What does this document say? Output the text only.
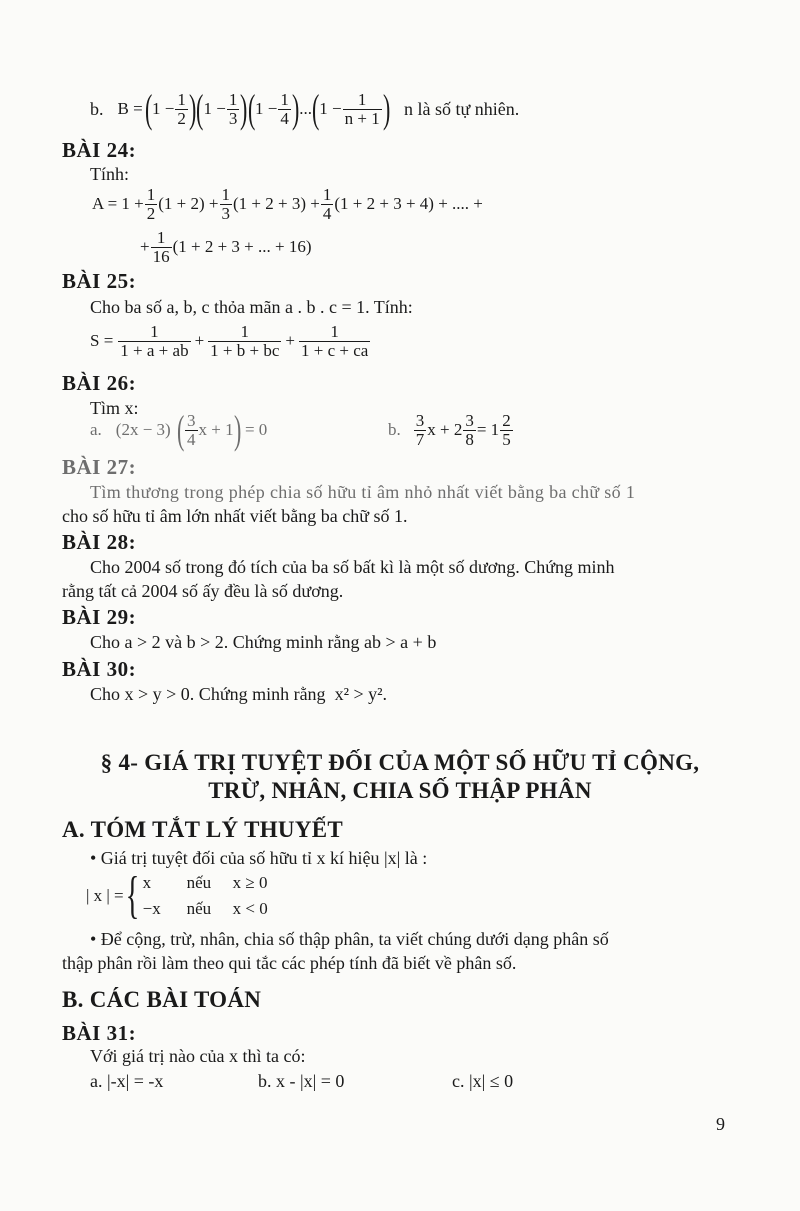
b. B = ( $1 - \frac{1}{2}$ ) ( $1 - \frac{1}{3}$ ) ( $1 - \frac{1}{4}$ ) ... ( $1 - \frac{1}{n + 1}$ ) n là số tự nhiên.
BÀI 24:
Tính:
$A = 1 + \frac{1}{2} (1 + 2) + \frac{1}{3} (1 + 2 + 3) + \frac{1}{4} (1 + 2 + 3 + 4)$ + .... +
+ $\frac{1}{16} (1 + 2 + 3$ + ... + 16)
BÀI 25:
Cho ba số a, b, c thỏa mãn a . b . c = 1. Tính:
$S = \frac{1}{1 + a + ab} + \frac{1}{1 + b + bc} + \frac{1}{1 + c + ca}$
BÀI 26:
Tìm x:
a. (2x − 3) ( 3
4 x + 1 ) = 0	b. 3
7 $x + 2 \frac{3}{8} = 1$ 2
5
BÀI 27:
Tìm thương trong phép chia số hữu tỉ âm nhỏ nhất viết bằng ba chữ số 1
cho số hữu tỉ âm lớn nhất viết bằng ba chữ số 1.
BÀI 28:
Cho 2004 số trong đó tích của ba số bất kì là một số dương. Chứng minh
rằng tất cả 2004 số ấy đều là số dương.
BÀI 29:
Cho a > 2 và b > 2. Chứng minh rằng ab > a + b
BÀI 30:
Cho x > y > 0. Chứng minh rằng x² > y².
§ 4- GIÁ TRỊ TUYỆT ĐỐI CỦA MỘT SỐ HỮU TỈ CỘNG,
TRỪ, NHÂN, CHIA SỐ THẬP PHÂN
A. TÓM TẮT LÝ THUYẾT
• Giá trị tuyệt đối của số hữu tỉ x kí hiệu |x| là :
| x | = { x	nếu	x ≥ 0
−x	nếu	x < 0
• Để cộng, trừ, nhân, chia số thập phân, ta viết chúng dưới dạng phân số
thập phân rồi làm theo qui tắc các phép tính đã biết về phân số.
B. CÁC BÀI TOÁN
BÀI 31:
Với giá trị nào của x thì ta có:
a. |-x| = -x	b. x - |x| = 0	c. |x| ≤ 0
9
